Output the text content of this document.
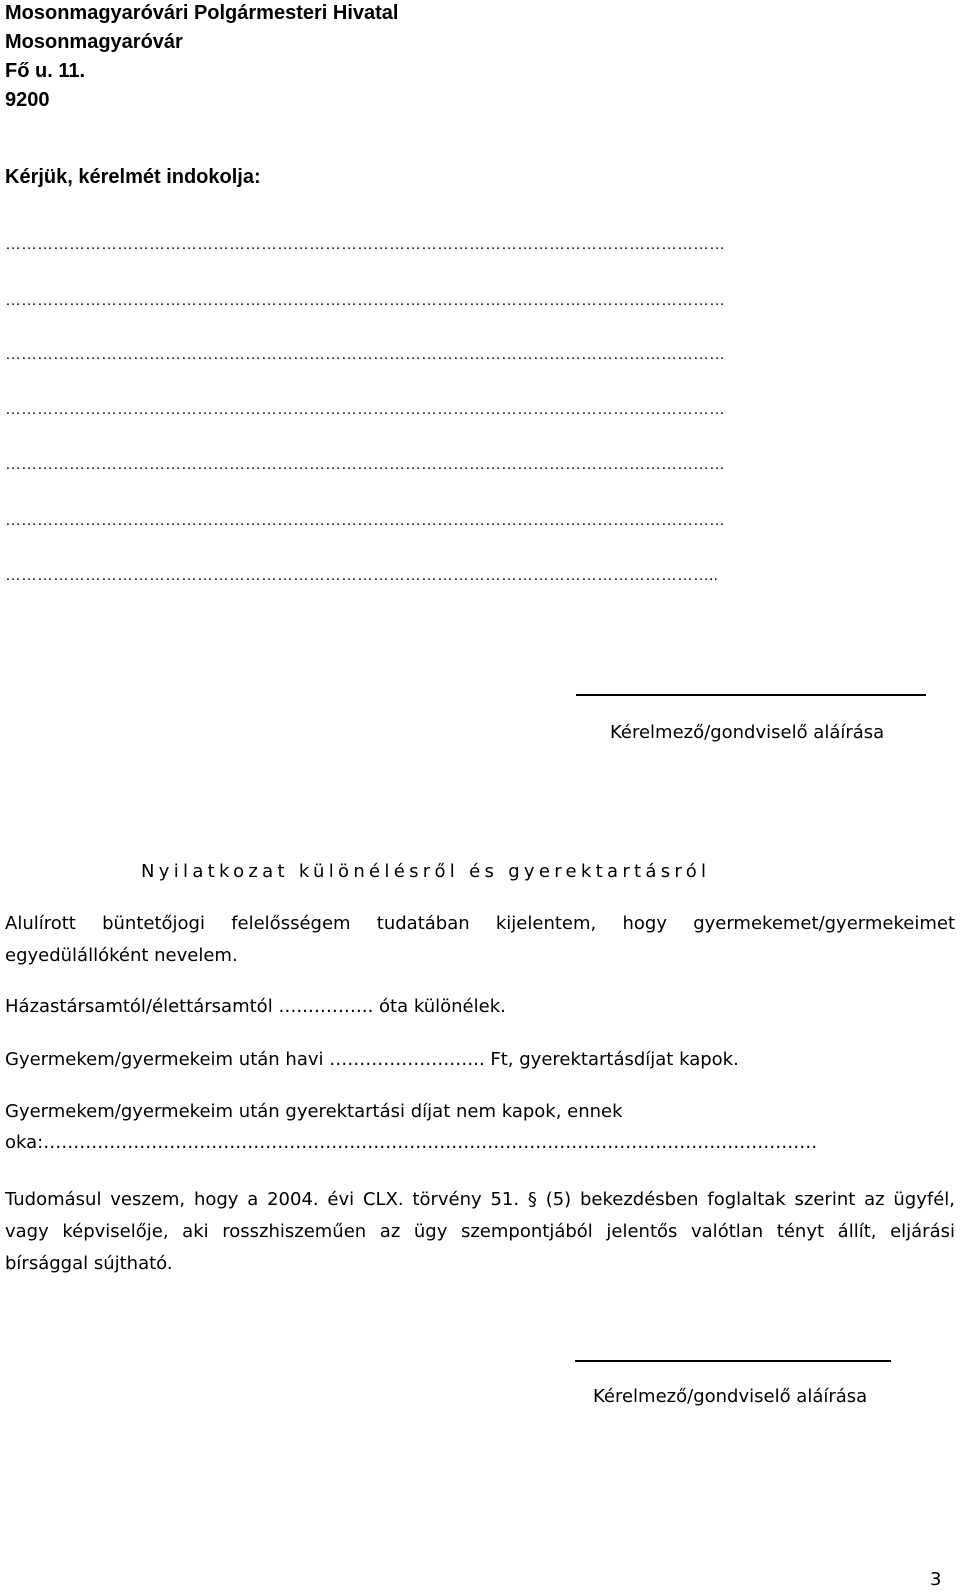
Mosonmagyaróvári Polgármesteri Hivatal
Mosonmagyaróvár
Fő u. 11.
9200
Kérjük, kérelmét indokolja:
………………………………………………………………………………………………………………………
………………………………………………………………………………………………………………………
………………………………………………………………………………………………………………………
………………………………………………………………………………………………………………………
………………………………………………………………………………………………………………………
………………………………………………………………………………………………………………………
……………………………………………………………………………………………………………………..
Kérelmező/gondviselő aláírása
Nyilatkozat különélésről és gyerektartásról
Alulírott büntetőjogi felelősségem tudatában kijelentem, hogy gyermekemet/gyermekeimet egyedülállóként nevelem.
Házastársamtól/élettársamtól …..……….. óta különélek.
Gyermekem/gyermekeim után havi …………………….. Ft, gyerektartásdíjat kapok.
Gyermekem/gyermekeim után gyerektartási díjat nem kapok, ennek
oka:…………………………………………………………………………………………………………………
Tudomásul veszem, hogy a 2004. évi CLX. törvény 51. § (5) bekezdésben foglaltak szerint az ügyfél, vagy képviselője, aki rosszhiszeműen az ügy szempontjából jelentős valótlan tényt állít, eljárási bírsággal sújtható.
Kérelmező/gondviselő aláírása
3
